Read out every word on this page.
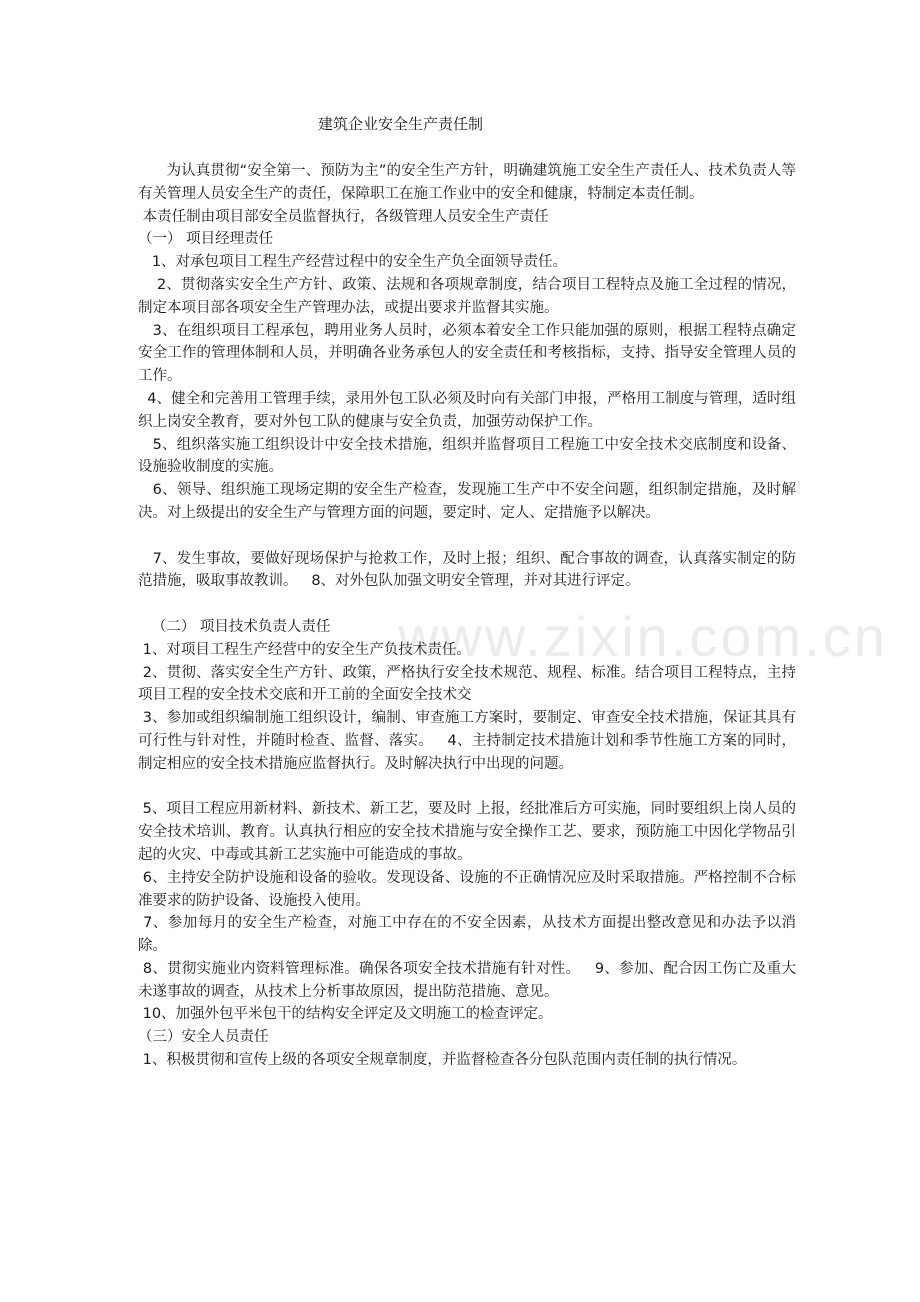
www.zixin.com.cn
建筑企业安全生产责任制

为认真贯彻“安全第一、预防为主”的安全生产方针，明确建筑施工安全生产责任人、技术负责人等有关管理人员安全生产的责任，保障职工在施工作业中的安全和健康，特制定本责任制。

本责任制由项目部安全员监督执行，各级管理人员安全生产责任

（一） 项目经理责任

1、对承包项目工程生产经营过程中的安全生产负全面领导责任。

2、贯彻落实安全生产方针、政策、法规和各项规章制度，结合项目工程特点及施工全过程的情况，制定本项目部各项安全生产管理办法，或提出要求并监督其实施。

3、在组织项目工程承包，聘用业务人员时，必须本着安全工作只能加强的原则，根据工程特点确定安全工作的管理体制和人员，并明确各业务承包人的安全责任和考核指标，支持、指导安全管理人员的工作。

4、健全和完善用工管理手续，录用外包工队必须及时向有关部门申报，严格用工制度与管理，适时组织上岗安全教育，要对外包工队的健康与安全负责，加强劳动保护工作。

5、组织落实施工组织设计中安全技术措施，组织并监督项目工程施工中安全技术交底制度和设备、设施验收制度的实施。

6、领导、组织施工现场定期的安全生产检查，发现施工生产中不安全问题，组织制定措施，及时解决。对上级提出的安全生产与管理方面的问题，要定时、定人、定措施予以解决。

7、发生事故，要做好现场保护与抢救工作，及时上报；组织、配合事故的调查，认真落实制定的防范措施，吸取事故教训。   8、对外包队加强文明安全管理，并对其进行评定。

（二） 项目技术负责人责任

1、对项目工程生产经营中的安全生产负技术责任。

2、贯彻、落实安全生产方针、政策，严格执行安全技术规范、规程、标准。结合项目工程特点，主持项目工程的安全技术交底和开工前的全面安全技术交

3、参加或组织编制施工组织设计，编制、审查施工方案时，要制定、审查安全技术措施，保证其具有可行性与针对性，并随时检查、监督、落实。   4、主持制定技术措施计划和季节性施工方案的同时，制定相应的安全技术措施应监督执行。及时解决执行中出现的问题。

5、项目工程应用新材料、新技术、新工艺，要及时 上报，经批准后方可实施，同时要组织上岗人员的安全技术培训、教育。认真执行相应的安全技术措施与安全操作工艺、要求，预防施工中因化学物品引起的火灾、中毒或其新工艺实施中可能造成的事故。

6、主持安全防护设施和设备的验收。发现设备、设施的不正确情况应及时采取措施。严格控制不合标准要求的防护设备、设施投入使用。

7、参加每月的安全生产检查，对施工中存在的不安全因素，从技术方面提出整改意见和办法予以消除。

8、贯彻实施业内资料管理标准。确保各项安全技术措施有针对性。   9、参加、配合因工伤亡及重大未遂事故的调查，从技术上分析事故原因，提出防范措施、意见。

10、加强外包平米包干的结构安全评定及文明施工的检查评定。

（三）安全人员责任

1、积极贯彻和宣传上级的各项安全规章制度，并监督检查各分包队范围内责任制的执行情况。
